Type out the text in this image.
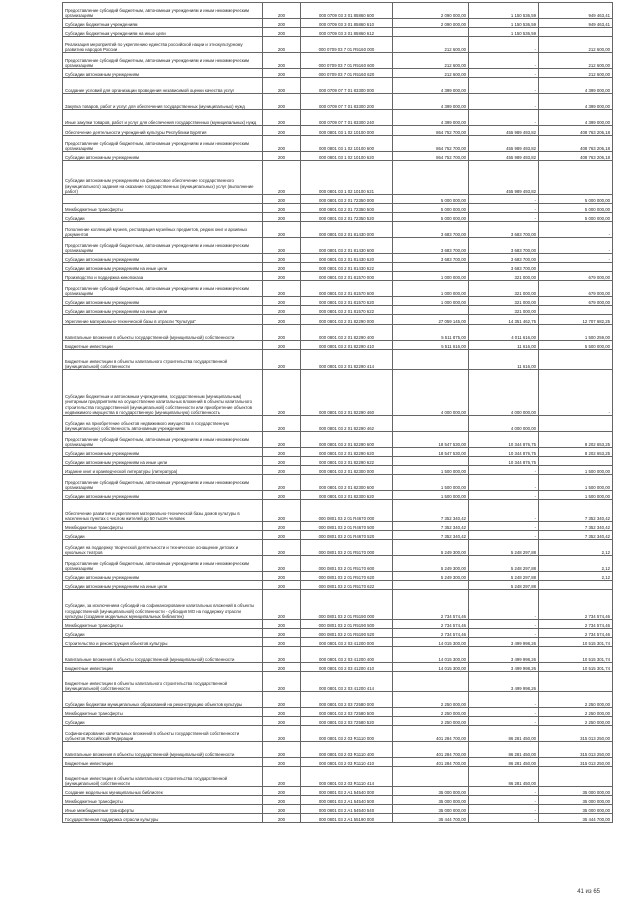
Предоставление субсидий бюджетным, автономным учреждениям и иным некоммерческим организациям	200	000 0709 03 3 01 85860 600	2 090 000,00	1 150 536,59	949 463,41
Субсидии бюджетным учреждениям	200	000 0709 03 3 01 85860 610	2 090 000,00	1 150 536,59	949 463,41
Субсидии бюджетным учреждениям на иные цели	200	000 0709 03 3 01 85860 612		1 150 536,59	
Реализация мероприятий по укреплению единства российской нации и этнокультурному развитию народов России	200	000 0709 03 7 01 R5160 000	212 600,00	-	212 600,00
Предоставление субсидий бюджетным, автономным учреждениям и иным некоммерческим организациям	200	000 0709 03 7 01 R5160 600	212 600,00	-	212 600,00
Субсидии автономным учреждениям	200	000 0709 03 7 01 R5160 620	212 600,00	-	212 600,00
Создание условий для организации проведения независимой оценки качества услуг	200	000 0709 07 7 01 83300 000	4 399 000,00	-	4 399 000,00
Закупка товаров, работ и услуг для обеспечения государственных (муниципальных) нужд	200	000 0709 07 7 01 83300 200	4 399 000,00	-	4 399 000,00
Иные закупки товаров, работ и услуг для обеспечения государственных (муниципальных) нужд	200	000 0709 07 7 01 83300 240	4 399 000,00	-	4 399 000,00
Обеспечение деятельности учреждений культуры Республики Бурятия	200	000 0801 03 1 02 10100 000	864 752 700,00	455 989 493,82	408 763 206,18
Предоставление субсидий бюджетным, автономным учреждениям и иным некоммерческим организациям	200	000 0801 03 1 02 10100 600	864 752 700,00	455 989 493,82	408 763 206,18
Субсидии автономным учреждениям	200	000 0801 03 1 02 10100 620	864 752 700,00	455 989 493,82	408 763 206,18
Субсидии автономным учреждениям на финансовое обеспечение государственного (муниципального) задания на оказание государственных (муниципальных) услуг (выполнение работ)	200	000 0801 03 1 02 10100 621		455 989 493,82	
	200	000 0801 03 2 01 72350 000	5 000 000,00	-	5 000 000,00
Межбюджетные трансферты	200	000 0801 03 2 01 72350 500	5 000 000,00	-	5 000 000,00
Субсидии	200	000 0801 03 2 01 72350 520	5 000 000,00	-	5 000 000,00
Пополнение коллекций музеев, реставрация музейных предметов, редких книг и архивных документов	200	000 0801 03 2 01 81430 000	3 683 700,00	3 683 700,00	-
Предоставление субсидий бюджетным, автономным учреждениям и иным некоммерческим организациям	200	000 0801 03 2 01 81430 600	3 683 700,00	3 683 700,00	-
Субсидии автономным учреждениям	200	000 0801 03 2 01 81430 620	3 683 700,00	3 683 700,00	-
Субсидии автономным учреждениям на иные цели	200	000 0801 03 2 01 81430 622		3 683 700,00	
Производство и поддержка кинопоказа	200	000 0801 03 2 01 81570 000	1 000 000,00	321 000,00	679 000,00
Предоставление субсидий бюджетным, автономным учреждениям и иным некоммерческим организациям	200	000 0801 03 2 01 81570 600	1 000 000,00	321 000,00	679 000,00
Субсидии автономным учреждениям	200	000 0801 03 2 01 81570 620	1 000 000,00	321 000,00	679 000,00
Субсидии автономным учреждениям на иные цели	200	000 0801 03 2 01 81570 622		321 000,00	
Укрепление материально-технической базы в отрасли "Культура"	200	000 0801 03 2 01 82290 000	27 059 145,00	14 351 462,75	12 707 682,25
Капитальные вложения в объекты государственной (муниципальной) собственности	200	000 0801 03 2 01 82290 400	5 511 875,00	4 011 616,00	1 500 259,00
Бюджетные инвестиции	200	000 0801 03 2 01 82290 410	5 511 616,00	11 616,00	5 500 000,00
Бюджетные инвестиции в объекты капитального строительства государственной (муниципальной) собственности	200	000 0801 03 2 01 82290 414		11 616,00	
Субсидии бюджетным и автономным учреждениям, государственным (муниципальным) унитарным предприятиям на осуществление капитальных вложений в объекты капитального строительства государственной (муниципальной) собственности или приобретение объектов недвижимого имущества в государственную (муниципальную) собственность	200	000 0801 03 2 01 82290 460	4 000 000,00	4 000 000,00	-
Субсидии на приобретение объектов недвижимого имущества в государственную (муниципальную) собственность автономным учреждениям	200	000 0801 03 2 01 82290 462		4 000 000,00	
Предоставление субсидий бюджетным, автономным учреждениям и иным некоммерческим организациям	200	000 0801 03 2 01 82290 600	18 547 530,00	10 344 876,75	8 202 653,25
Субсидии автономным учреждениям	200	000 0801 03 2 01 82290 620	18 547 530,00	10 344 876,75	8 202 653,25
Субсидии автономным учреждениям на иные цели	200	000 0801 03 2 01 82290 622		10 344 876,75	
Издание книг и краеведческой литературы (литература)	200	000 0801 03 2 01 82300 000	1 500 000,00	-	1 500 000,00
Предоставление субсидий бюджетным, автономным учреждениям и иным некоммерческим организациям	200	000 0801 03 2 01 82300 600	1 500 000,00	-	1 500 000,00
Субсидии автономным учреждениям	200	000 0801 03 2 01 82300 620	1 500 000,00	-	1 500 000,00
Обеспечение развития и укрепления материально-технической базы домов культуры в населенных пунктах с числом жителей до 50 тысяч человек	200	000 0801 03 2 01 R4670 000	7 352 340,42	-	7 352 340,42
Межбюджетные трансферты	200	000 0801 03 2 01 R4670 500	7 352 340,42	-	7 352 340,42
Субсидии	200	000 0801 03 2 01 R4670 520	7 352 340,42	-	7 352 340,42
Субсидия на поддержку творческой деятельности и техническое оснащение детских и кукольных театров	200	000 0801 03 2 01 R5170 000	5 249 300,00	5 248 297,88	2,12
Предоставление субсидий бюджетным, автономным учреждениям и иным некоммерческим организациям	200	000 0801 03 2 01 R5170 600	5 249 300,00	5 248 297,88	2,12
Субсидии автономным учреждениям	200	000 0801 03 2 01 R5170 620	5 249 300,00	5 248 297,88	2,12
Субсидии автономным учреждениям на иные цели	200	000 0801 03 2 01 R5170 622		5 248 297,88	
Субсидии, за исключением субсидий на софинансирование капитальных вложений в объекты государственной (муниципальной) собственности - субсидия МО на поддержку отрасли культуры (создание модельных муниципальных библиотек)	200	000 0801 03 2 01 R5190 000	2 734 574,46	-	2 734 574,46
Межбюджетные трансферты	200	000 0801 03 2 01 R5190 500	2 734 574,46	-	2 734 574,46
Субсидии	200	000 0801 03 2 01 R5190 520	2 734 574,46	-	2 734 574,46
Строительство и реконструкция объектов культуры	200	000 0801 03 2 03 41200 000	14 015 300,00	3 499 998,26	10 515 301,74
Капитальные вложения в объекты государственной (муниципальной) собственности	200	000 0801 03 2 03 41200 400	14 015 300,00	3 499 998,26	10 515 301,74
Бюджетные инвестиции	200	000 0801 03 2 03 41200 410	14 015 300,00	3 499 998,26	10 515 301,74
Бюджетные инвестиции в объекты капитального строительства государственной (муниципальной) собственности	200	000 0801 03 2 03 41200 414		3 499 998,26	
Субсидии бюджетам муниципальных образований на реконструкцию объектов культуры	200	000 0801 03 2 03 72580 000	2 250 000,00	-	2 250 000,00
Межбюджетные трансферты	200	000 0801 03 2 03 72580 500	2 250 000,00	-	2 250 000,00
Субсидии	200	000 0801 03 2 03 72580 520	2 250 000,00	-	2 250 000,00
Софинансирование капитальных вложений в объекты государственной собственности субъектов Российской Федерации	200	000 0801 03 2 03 R1110 000	401 284 700,00	86 281 450,00	315 013 250,00
Капитальные вложения в объекты государственной (муниципальной) собственности	200	000 0801 03 2 03 R1110 400	401 284 700,00	86 281 450,00	315 013 250,00
Бюджетные инвестиции	200	000 0801 03 2 03 R1110 410	401 284 700,00	86 281 450,00	315 013 250,00
Бюджетные инвестиции в объекты капитального строительства государственной (муниципальной) собственности	200	000 0801 03 2 03 R1110 414		86 281 450,00	
Создание модельных муниципальных библиотек	200	000 0801 03 2 A1 54540 000	35 000 000,00	-	35 000 000,00
Межбюджетные трансферты	200	000 0801 03 2 A1 54540 500	35 000 000,00	-	35 000 000,00
Иные межбюджетные трансферты	200	000 0801 03 2 A1 54540 540	35 000 000,00	-	35 000 000,00
Государственная поддержка отрасли культуры	200	000 0801 03 2 A1 55190 000	35 444 700,00	-	35 444 700,00
41 из 65
